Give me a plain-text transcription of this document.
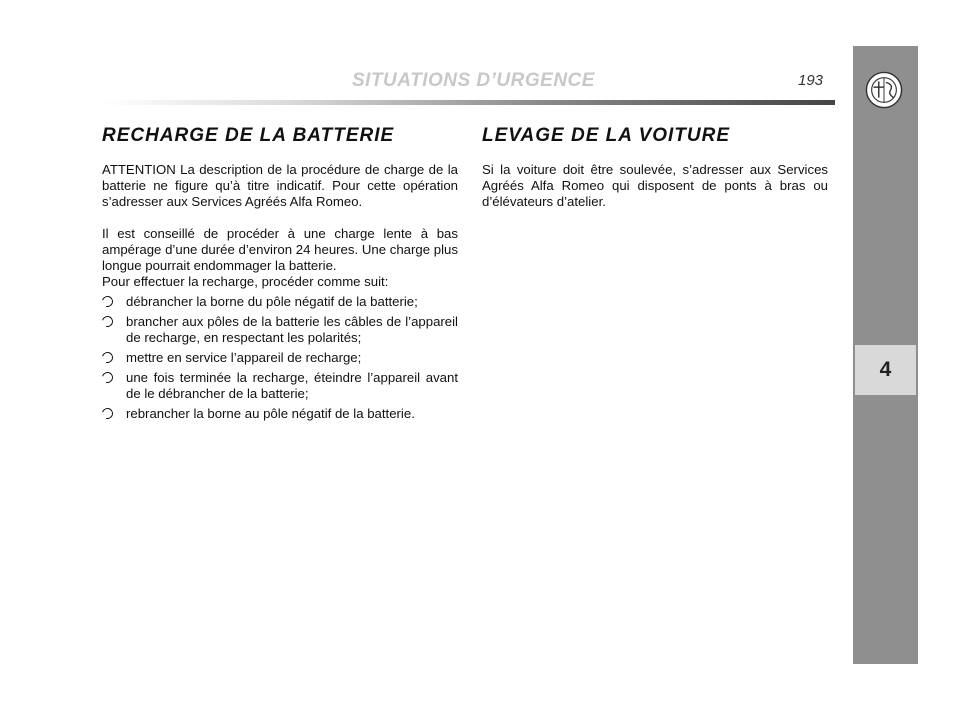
SITUATIONS D’URGENCE	193
4
RECHARGE DE LA BATTERIE

ATTENTION La description de la procédure de charge de la batterie ne figure qu’à titre indicatif. Pour cette opération s’adresser aux Services Agréés Alfa Romeo.

Il est conseillé de procéder à une charge lente à bas ampérage d’une durée d’environ 24 heures. Une charge plus longue pourrait endommager la batterie.

Pour effectuer la recharge, procéder comme suit:

débrancher la borne du pôle négatif de la batterie;
brancher aux pôles de la batterie les câbles de l’appareil de recharge, en respectant les polarités;
mettre en service l’appareil de recharge;
une fois terminée la recharge, éteindre l’appareil avant de le débrancher de la batterie;
rebrancher la borne au pôle négatif de la batterie.
LEVAGE DE LA VOITURE

Si la voiture doit être soulevée, s’adresser aux Services Agréés Alfa Romeo qui disposent de ponts à bras ou d’élévateurs d’atelier.
